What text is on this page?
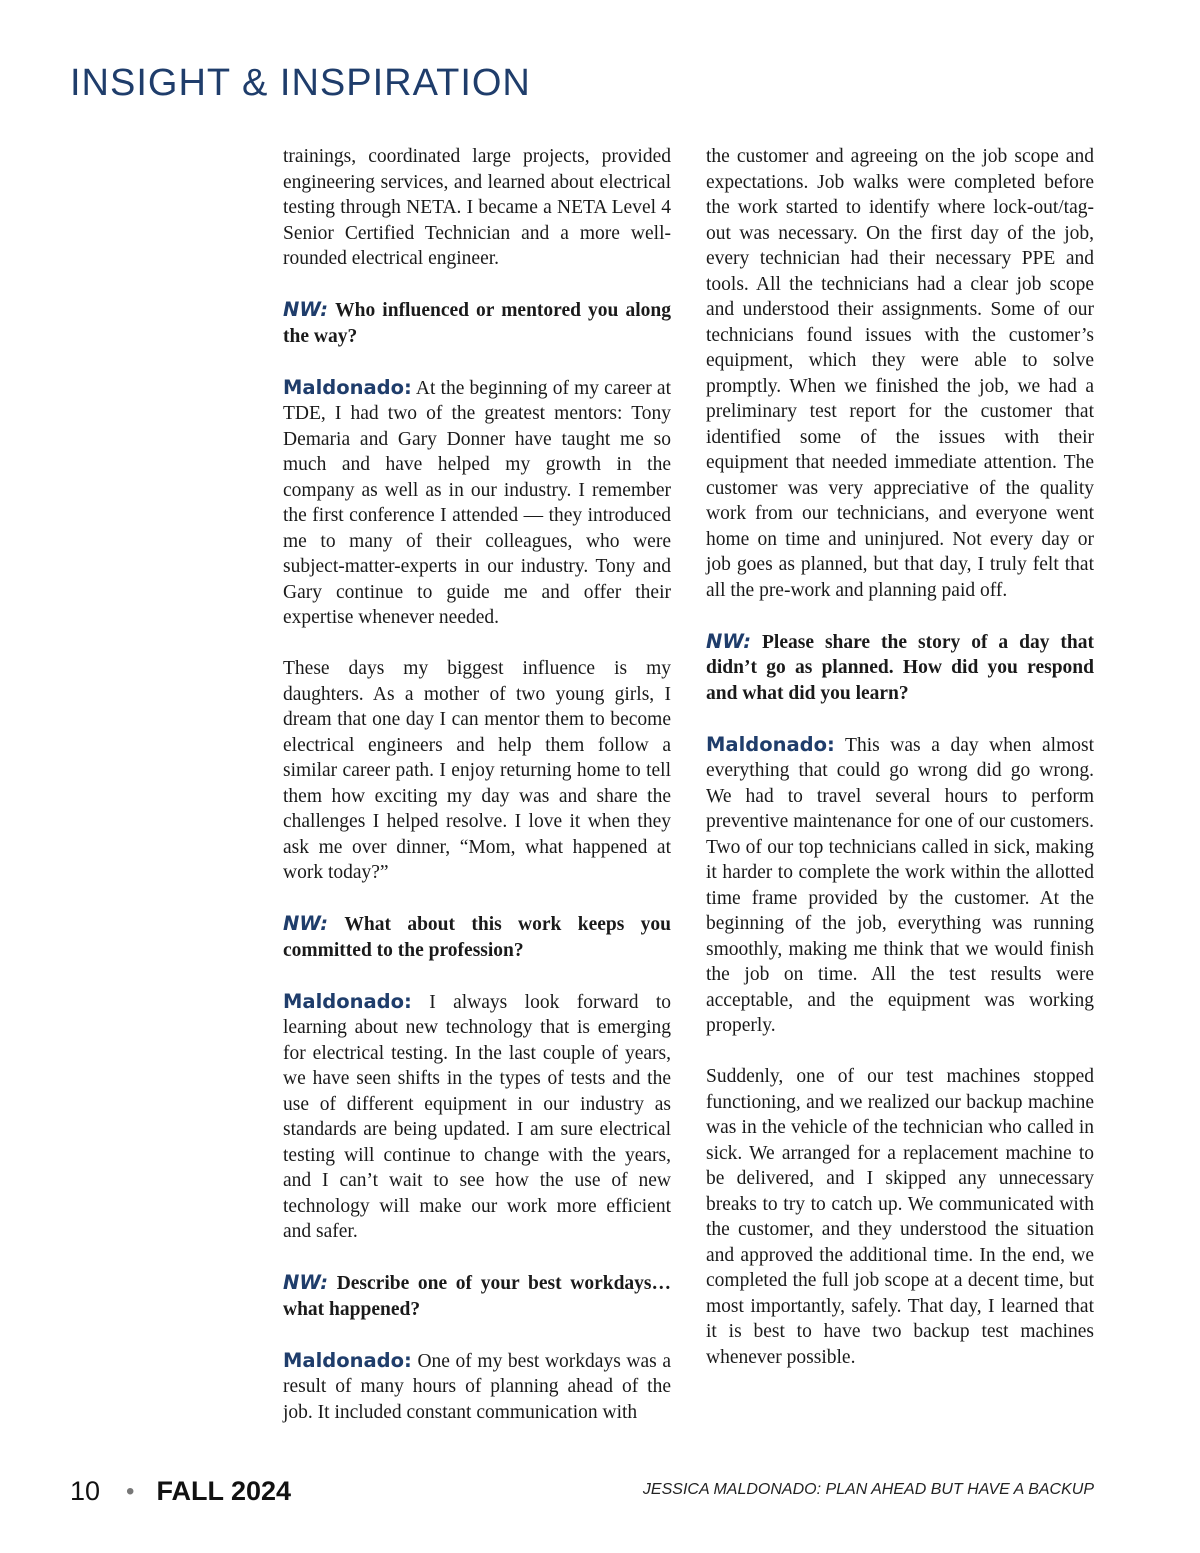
INSIGHT & INSPIRATION

trainings, coordinated large projects, provided engineering services, and learned about electrical testing through NETA. I became a NETA Level 4 Senior Certified Technician and a more well-rounded electrical engineer.

NW: Who influenced or mentored you along the way?

Maldonado: At the beginning of my career at TDE, I had two of the greatest mentors: Tony Demaria and Gary Donner have taught me so much and have helped my growth in the company as well as in our industry. I remember the first conference I attended — they introduced me to many of their colleagues, who were subject-matter-experts in our industry. Tony and Gary continue to guide me and offer their expertise whenever needed.

These days my biggest influence is my daughters. As a mother of two young girls, I dream that one day I can mentor them to become electrical engineers and help them follow a similar career path. I enjoy returning home to tell them how exciting my day was and share the challenges I helped resolve. I love it when they ask me over dinner, “Mom, what happened at work today?”

NW: What about this work keeps you committed to the profession?

Maldonado: I always look forward to learning about new technology that is emerging for electrical testing. In the last couple of years, we have seen shifts in the types of tests and the use of different equipment in our industry as standards are being updated. I am sure electrical testing will continue to change with the years, and I can’t wait to see how the use of new technology will make our work more efficient and safer.

NW: Describe one of your best workdays… what happened?

Maldonado: One of my best workdays was a result of many hours of planning ahead of the job. It included constant communication with

the customer and agreeing on the job scope and expectations. Job walks were completed before the work started to identify where lock-out/tag-out was necessary. On the first day of the job, every technician had their necessary PPE and tools. All the technicians had a clear job scope and understood their assignments. Some of our technicians found issues with the customer’s equipment, which they were able to solve promptly. When we finished the job, we had a preliminary test report for the customer that identified some of the issues with their equipment that needed immediate attention. The customer was very appreciative of the quality work from our technicians, and everyone went home on time and uninjured. Not every day or job goes as planned, but that day, I truly felt that all the pre-work and planning paid off.

NW: Please share the story of a day that didn’t go as planned. How did you respond and what did you learn?

Maldonado: This was a day when almost everything that could go wrong did go wrong. We had to travel several hours to perform preventive maintenance for one of our customers. Two of our top technicians called in sick, making it harder to complete the work within the allotted time frame provided by the customer. At the beginning of the job, everything was running smoothly, making me think that we would finish the job on time. All the test results were acceptable, and the equipment was working properly.

Suddenly, one of our test machines stopped functioning, and we realized our backup machine was in the vehicle of the technician who called in sick. We arranged for a replacement machine to be delivered, and I skipped any unnecessary breaks to try to catch up. We communicated with the customer, and they understood the situation and approved the additional time. In the end, we completed the full job scope at a decent time, but most importantly, safely. That day, I learned that it is best to have two backup test machines whenever possible.

10 • FALL 2024	JESSICA MALDONADO: PLAN AHEAD BUT HAVE A BACKUP
